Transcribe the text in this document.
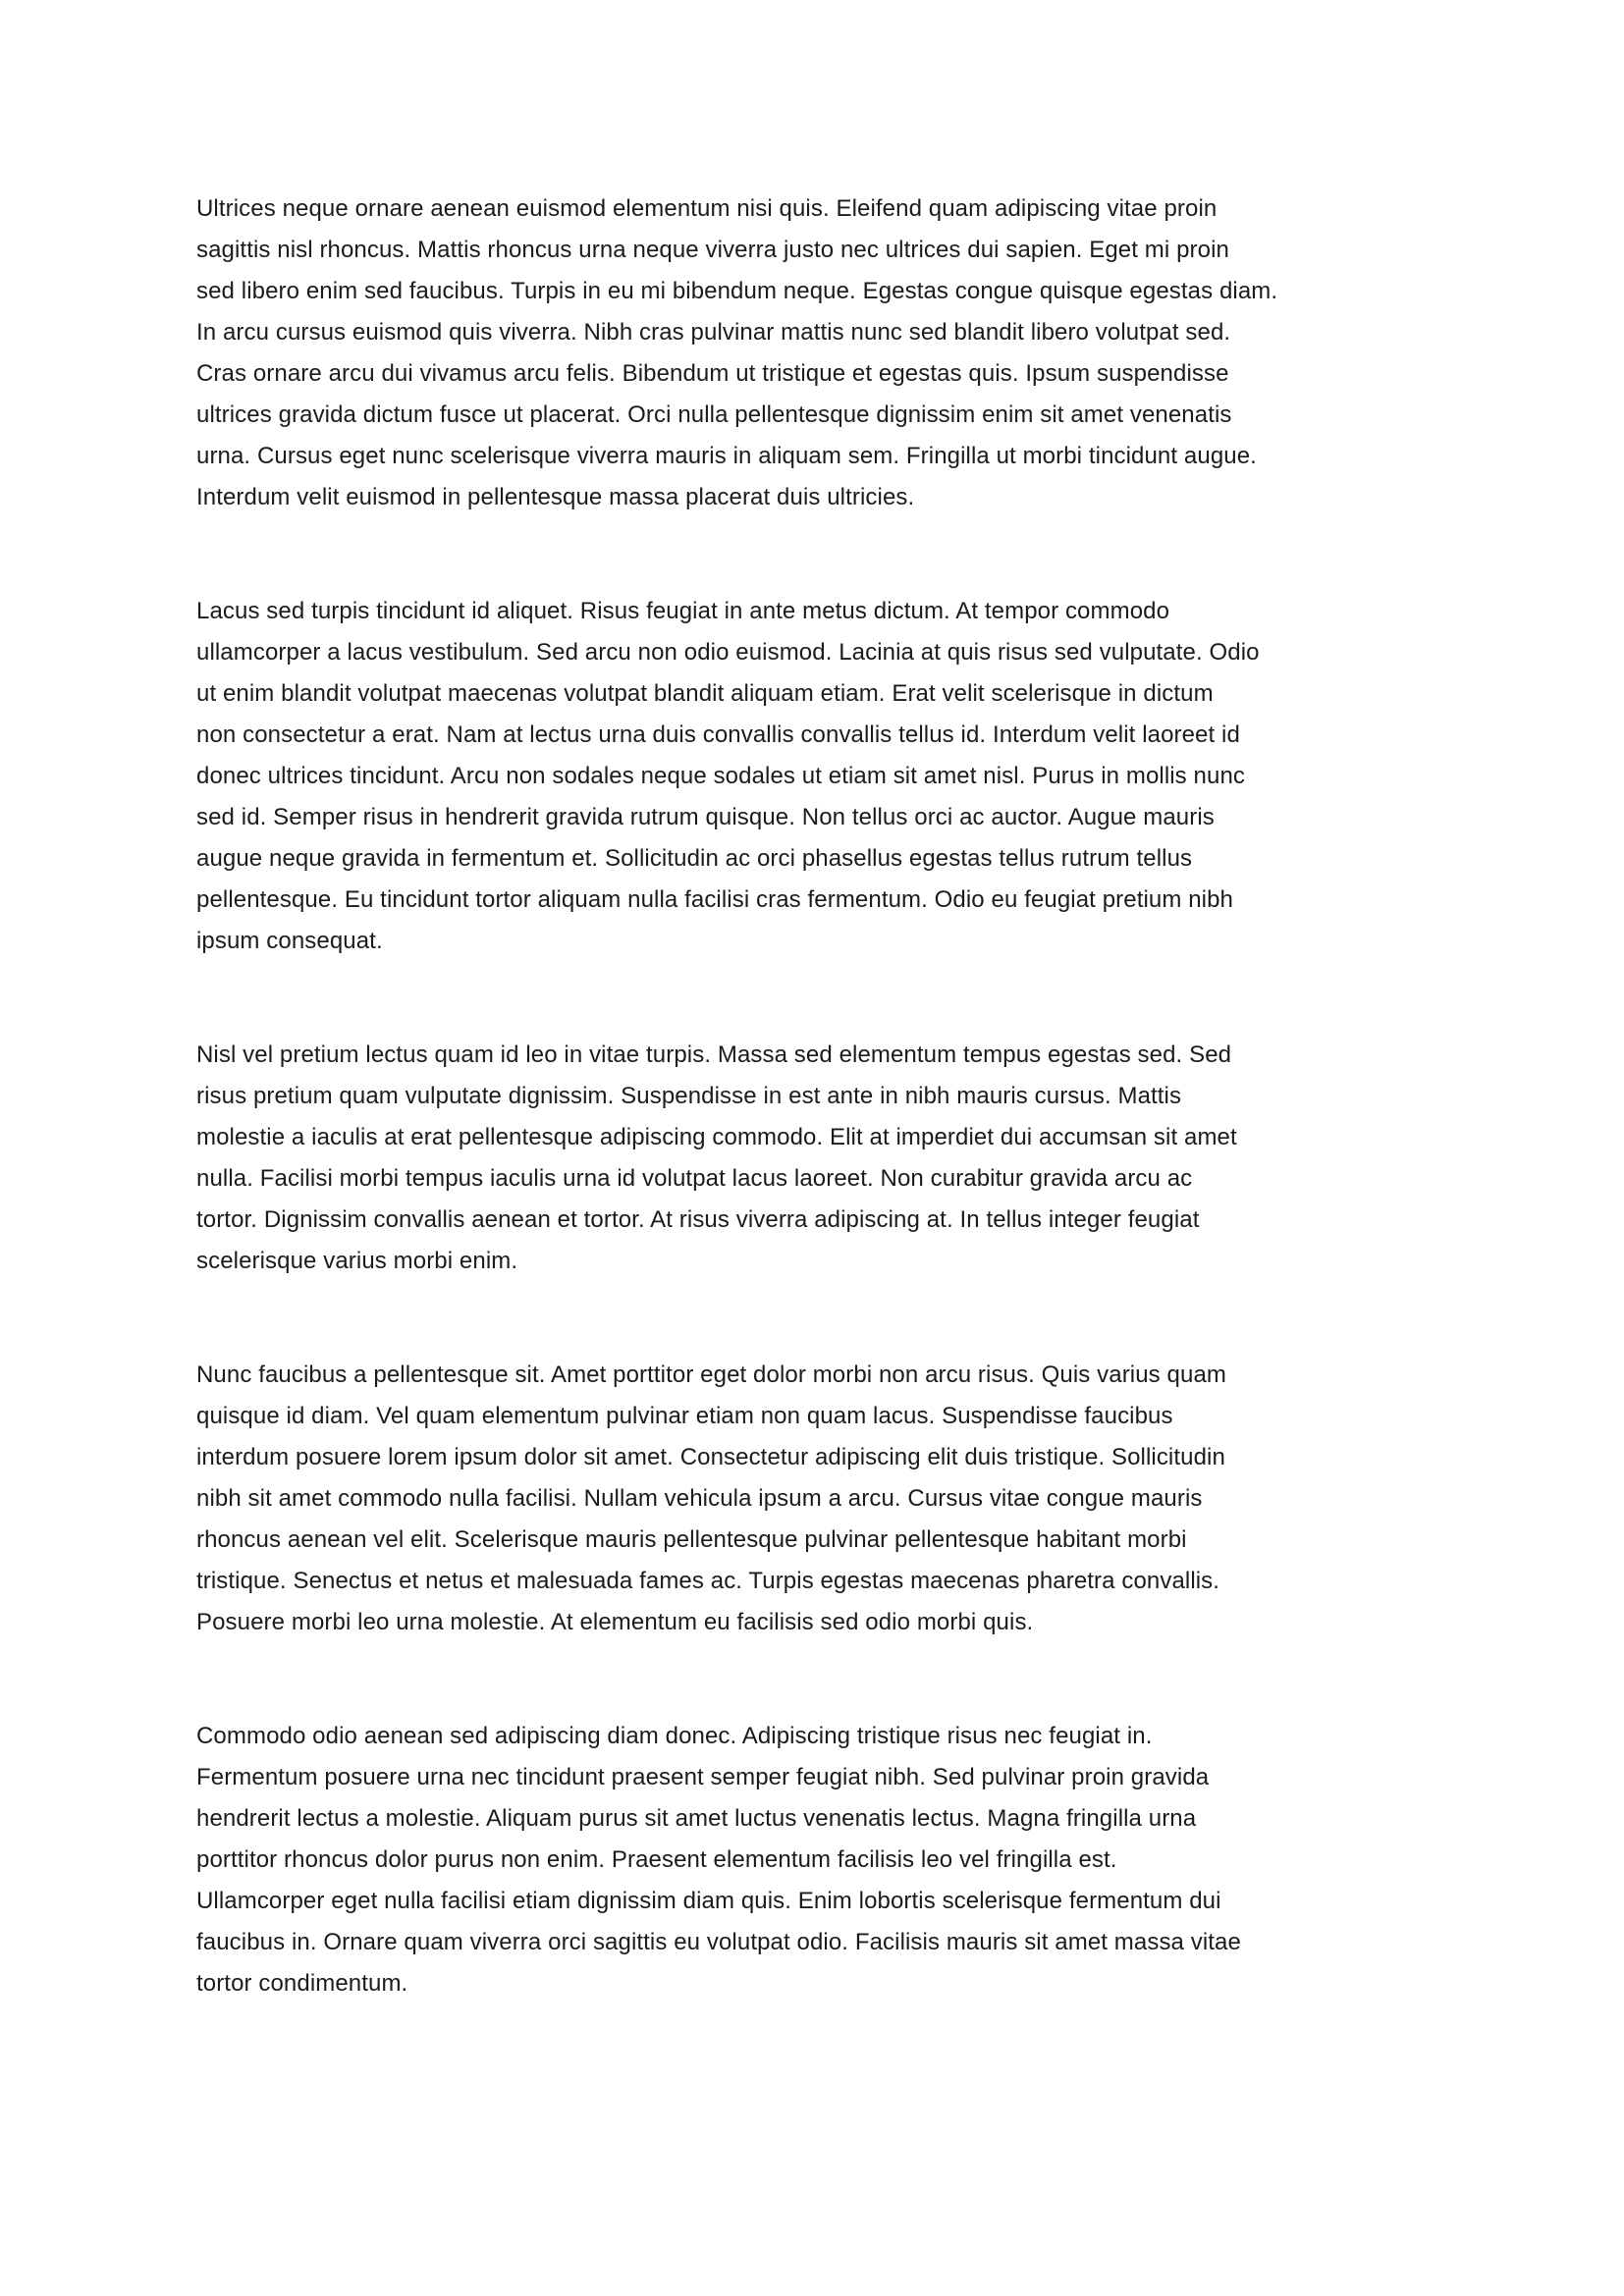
Ultrices neque ornare aenean euismod elementum nisi quis. Eleifend quam adipiscing vitae proin
sagittis nisl rhoncus. Mattis rhoncus urna neque viverra justo nec ultrices dui sapien. Eget mi proin
sed libero enim sed faucibus. Turpis in eu mi bibendum neque. Egestas congue quisque egestas diam.
In arcu cursus euismod quis viverra. Nibh cras pulvinar mattis nunc sed blandit libero volutpat sed.
Cras ornare arcu dui vivamus arcu felis. Bibendum ut tristique et egestas quis. Ipsum suspendisse
ultrices gravida dictum fusce ut placerat. Orci nulla pellentesque dignissim enim sit amet venenatis
urna. Cursus eget nunc scelerisque viverra mauris in aliquam sem. Fringilla ut morbi tincidunt augue.
Interdum velit euismod in pellentesque massa placerat duis ultricies.

Lacus sed turpis tincidunt id aliquet. Risus feugiat in ante metus dictum. At tempor commodo
ullamcorper a lacus vestibulum. Sed arcu non odio euismod. Lacinia at quis risus sed vulputate. Odio
ut enim blandit volutpat maecenas volutpat blandit aliquam etiam. Erat velit scelerisque in dictum
non consectetur a erat. Nam at lectus urna duis convallis convallis tellus id. Interdum velit laoreet id
donec ultrices tincidunt. Arcu non sodales neque sodales ut etiam sit amet nisl. Purus in mollis nunc
sed id. Semper risus in hendrerit gravida rutrum quisque. Non tellus orci ac auctor. Augue mauris
augue neque gravida in fermentum et. Sollicitudin ac orci phasellus egestas tellus rutrum tellus
pellentesque. Eu tincidunt tortor aliquam nulla facilisi cras fermentum. Odio eu feugiat pretium nibh
ipsum consequat.

Nisl vel pretium lectus quam id leo in vitae turpis. Massa sed elementum tempus egestas sed. Sed
risus pretium quam vulputate dignissim. Suspendisse in est ante in nibh mauris cursus. Mattis
molestie a iaculis at erat pellentesque adipiscing commodo. Elit at imperdiet dui accumsan sit amet
nulla. Facilisi morbi tempus iaculis urna id volutpat lacus laoreet. Non curabitur gravida arcu ac
tortor. Dignissim convallis aenean et tortor. At risus viverra adipiscing at. In tellus integer feugiat
scelerisque varius morbi enim.

Nunc faucibus a pellentesque sit. Amet porttitor eget dolor morbi non arcu risus. Quis varius quam
quisque id diam. Vel quam elementum pulvinar etiam non quam lacus. Suspendisse faucibus
interdum posuere lorem ipsum dolor sit amet. Consectetur adipiscing elit duis tristique. Sollicitudin
nibh sit amet commodo nulla facilisi. Nullam vehicula ipsum a arcu. Cursus vitae congue mauris
rhoncus aenean vel elit. Scelerisque mauris pellentesque pulvinar pellentesque habitant morbi
tristique. Senectus et netus et malesuada fames ac. Turpis egestas maecenas pharetra convallis.
Posuere morbi leo urna molestie. At elementum eu facilisis sed odio morbi quis.

Commodo odio aenean sed adipiscing diam donec. Adipiscing tristique risus nec feugiat in.
Fermentum posuere urna nec tincidunt praesent semper feugiat nibh. Sed pulvinar proin gravida
hendrerit lectus a molestie. Aliquam purus sit amet luctus venenatis lectus. Magna fringilla urna
porttitor rhoncus dolor purus non enim. Praesent elementum facilisis leo vel fringilla est.
Ullamcorper eget nulla facilisi etiam dignissim diam quis. Enim lobortis scelerisque fermentum dui
faucibus in. Ornare quam viverra orci sagittis eu volutpat odio. Facilisis mauris sit amet massa vitae
tortor condimentum.
